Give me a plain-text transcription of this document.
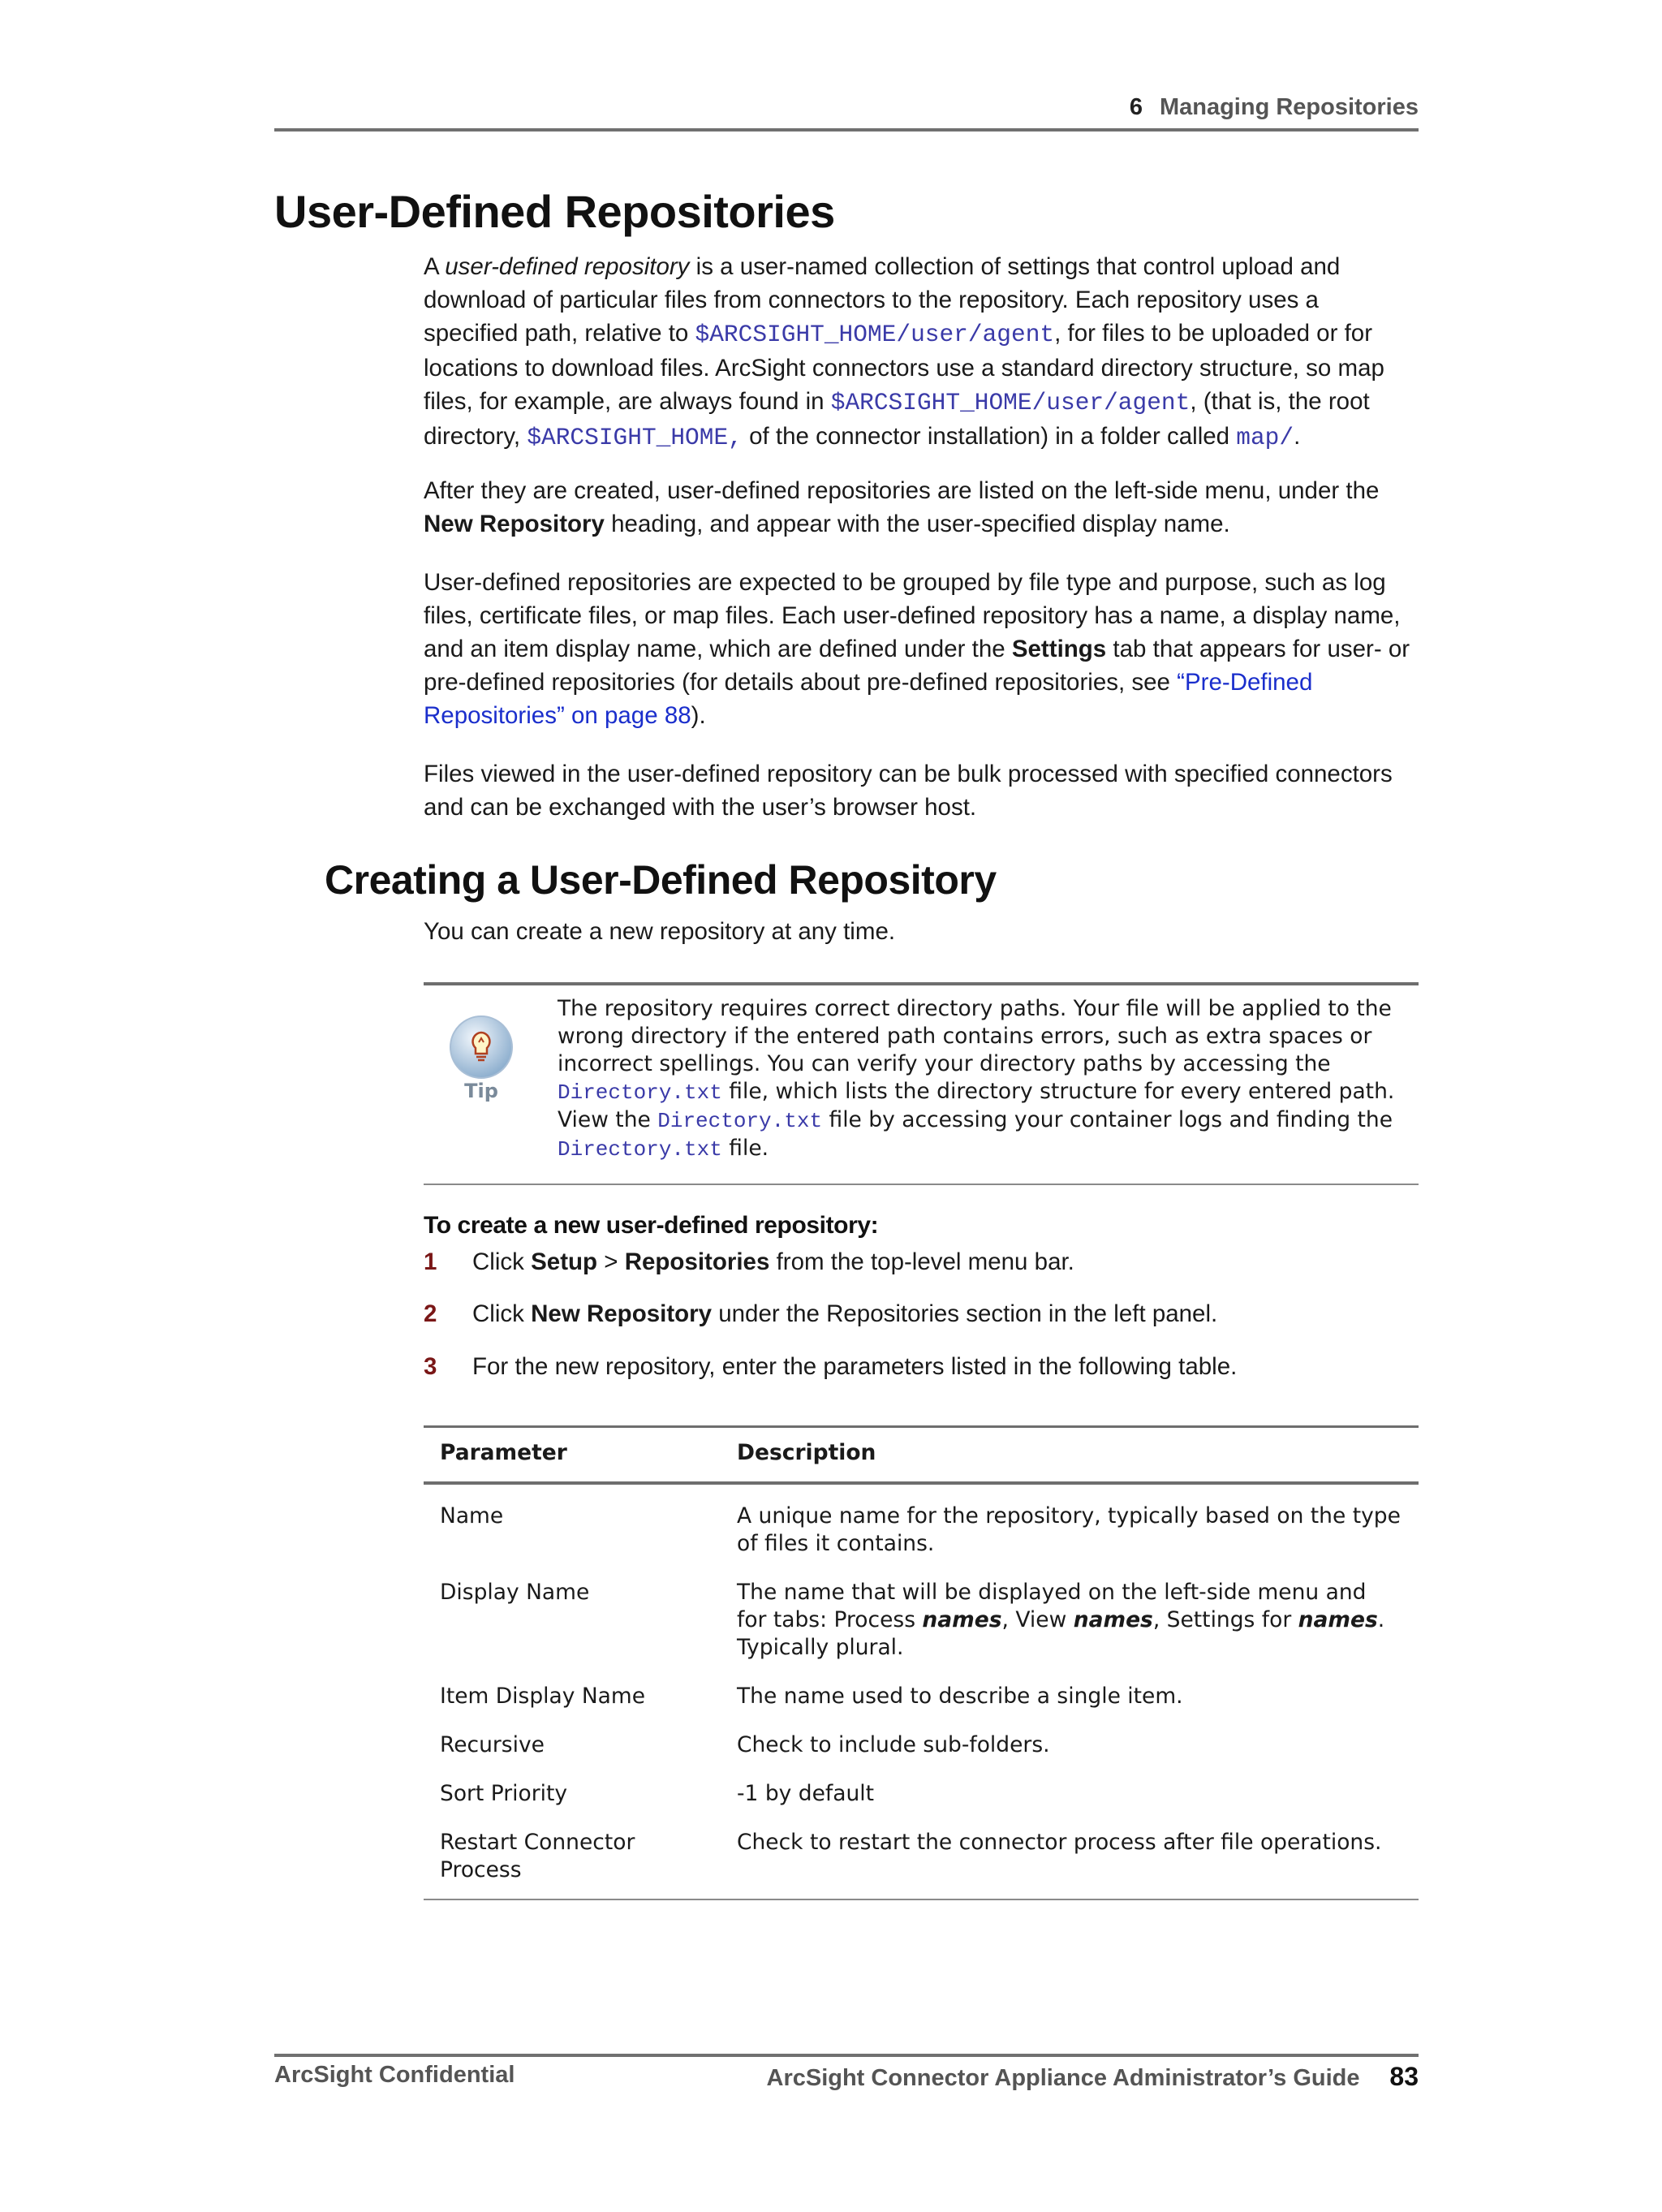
6 Managing Repositories
User-Defined Repositories

A user-defined repository is a user-named collection of settings that control upload and download of particular files from connectors to the repository. Each repository uses a specified path, relative to $ARCSIGHT_HOME/user/agent, for files to be uploaded or for locations to download files. ArcSight connectors use a standard directory structure, so map files, for example, are always found in $ARCSIGHT_HOME/user/agent, (that is, the root directory, $ARCSIGHT_HOME, of the connector installation) in a folder called map/.

After they are created, user-defined repositories are listed on the left-side menu, under the New Repository heading, and appear with the user-specified display name.

User-defined repositories are expected to be grouped by file type and purpose, such as log files, certificate files, or map files. Each user-defined repository has a name, a display name, and an item display name, which are defined under the Settings tab that appears for user- or pre-defined repositories (for details about pre-defined repositories, see “Pre-Defined Repositories” on page 88).

Files viewed in the user-defined repository can be bulk processed with specified connectors and can be exchanged with the user’s browser host.

Creating a User-Defined Repository

You can create a new repository at any time.

Tip
The repository requires correct directory paths. Your file will be applied to the wrong directory if the entered path contains errors, such as extra spaces or incorrect spellings. You can verify your directory paths by accessing the Directory.txt file, which lists the directory structure for every entered path. View the Directory.txt file by accessing your container logs and finding the Directory.txt file.
To create a new user-defined repository:
1 Click Setup > Repositories from the top-level menu bar.
2 Click New Repository under the Repositories section in the left panel.
3 For the new repository, enter the parameters listed in the following table.
Parameter	Description
Name	A unique name for the repository, typically based on the type of files it contains.
Display Name	The name that will be displayed on the left-side menu and for tabs: Process names, View names, Settings for names. Typically plural.
Item Display Name	The name used to describe a single item.
Recursive	Check to include sub-folders.
Sort Priority	-1 by default
Restart Connector Process	Check to restart the connector process after file operations.
ArcSight Confidential	ArcSight Connector Appliance Administrator’s Guide 83
